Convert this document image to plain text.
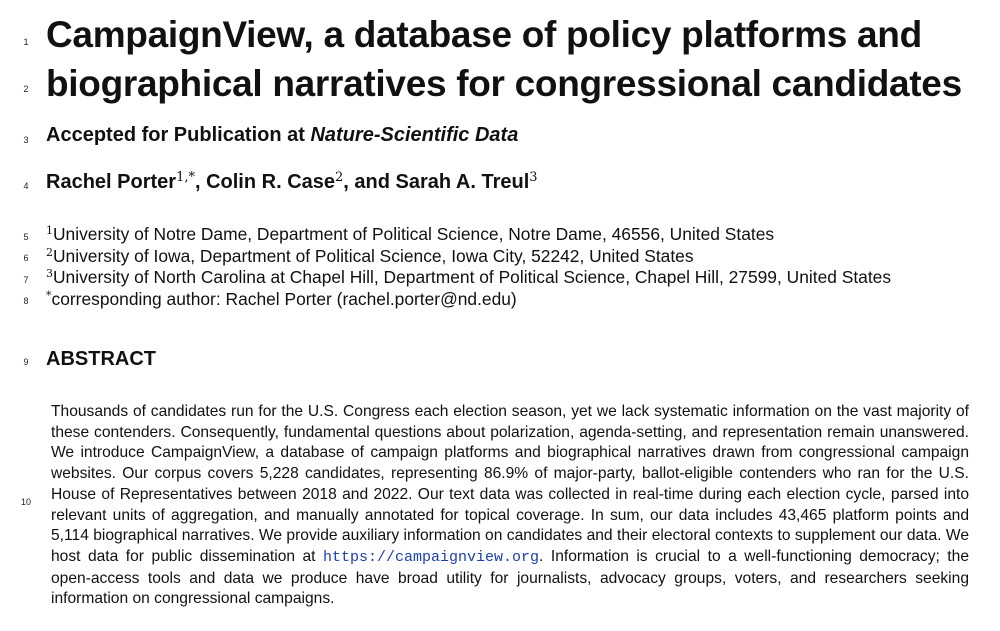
1
2
3
4
5
6
7
8
9
10
CampaignView, a database of policy platforms and
biographical narratives for congressional candidates
Accepted for Publication at Nature-Scientific Data
Rachel Porter$^{1,*}$, Colin R. Case$^2$, and Sarah A. Treul$^3$
$^1$University of Notre Dame, Department of Political Science, Notre Dame, 46556, United States
$^2$University of Iowa, Department of Political Science, Iowa City, 52242, United States
$^3$University of North Carolina at Chapel Hill, Department of Political Science, Chapel Hill, 27599, United States
*corresponding author: Rachel Porter (rachel.porter@nd.edu)
ABSTRACT
Thousands of candidates run for the U.S. Congress each election season, yet we lack systematic information on the vast majority of these contenders. Consequently, fundamental questions about polarization, agenda-setting, and representation remain unanswered. We introduce CampaignView, a database of campaign platforms and biographical narratives drawn from congressional campaign websites. Our corpus covers 5,228 candidates, representing 86.9% of major-party, ballot-eligible contenders who ran for the U.S. House of Representatives between 2018 and 2022. Our text data was collected in real-time during each election cycle, parsed into relevant units of aggregation, and manually annotated for topical coverage. In sum, our data includes 43,465 platform points and 5,114 biographical narratives. We provide auxiliary information on candidates and their electoral contexts to supplement our data. We host data for public dissemination at https://campaignview.org. Information is crucial to a well-functioning democracy; the open-access tools and data we produce have broad utility for journalists, advocacy groups, voters, and researchers seeking information on congressional campaigns.
